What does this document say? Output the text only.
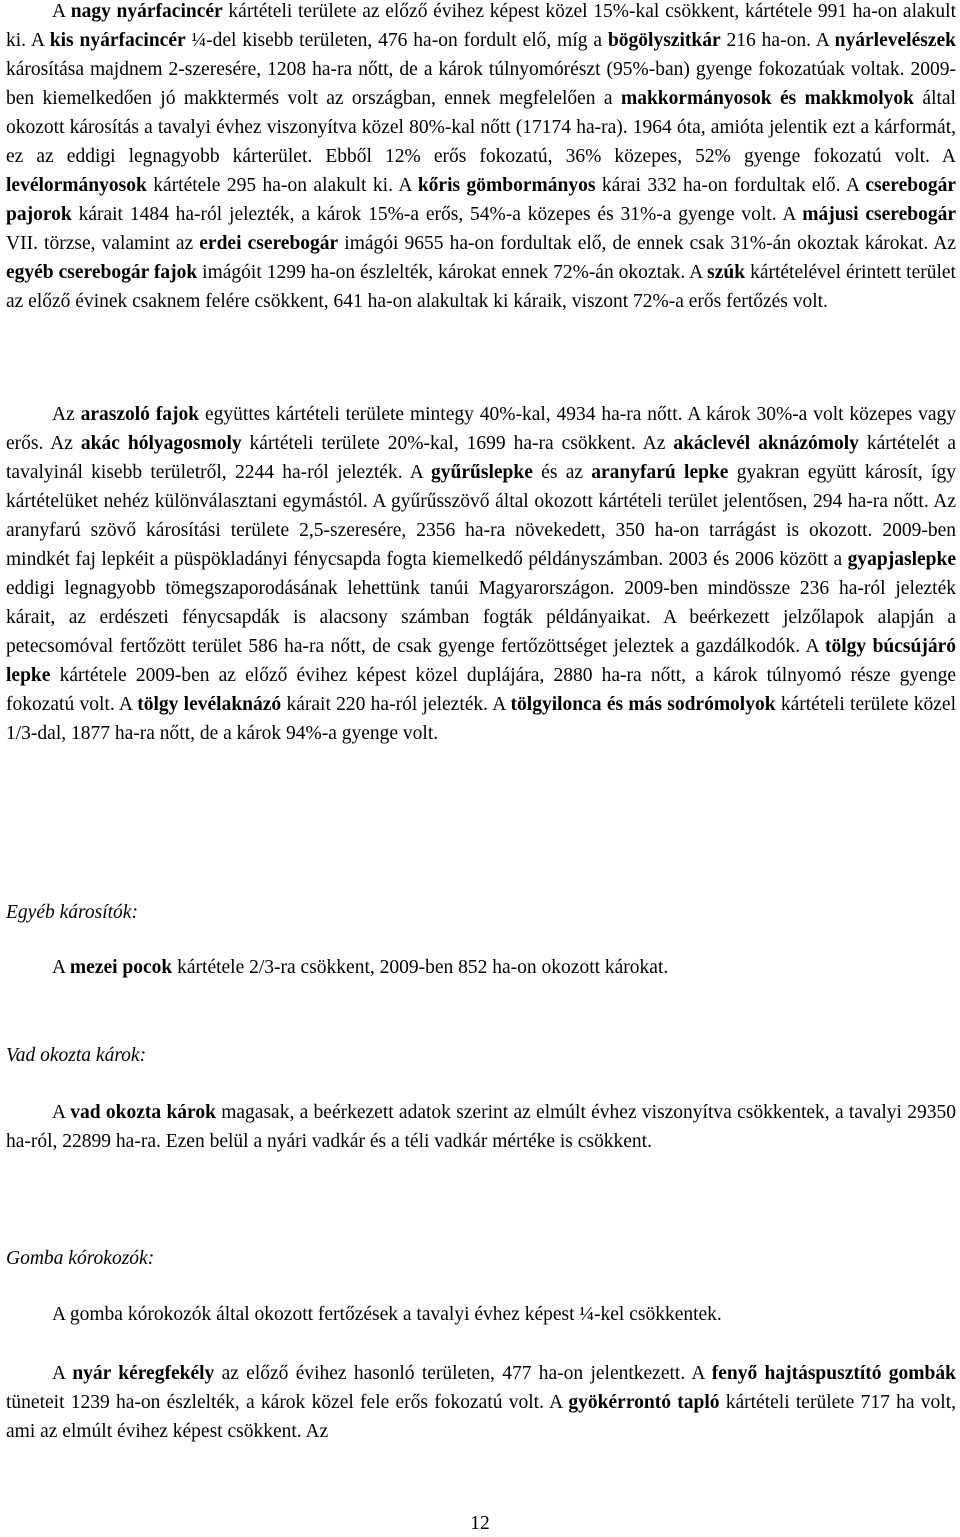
A nagy nyárfacincér kártételi területe az előző évihez képest közel 15%-kal csökkent, kártétele 991 ha-on alakult ki. A kis nyárfacincér ¼-del kisebb területen, 476 ha-on fordult elő, míg a bögölyszitkár 216 ha-on. A nyárlevelészek károsítása majdnem 2-szeresére, 1208 ha-ra nőtt, de a károk túlnyomórészt (95%-ban) gyenge fokozatúak voltak. 2009-ben kiemelkedően jó makktermés volt az országban, ennek megfelelően a makkormányosok és makkmolyok által okozott károsítás a tavalyi évhez viszonyítva közel 80%-kal nőtt (17174 ha-ra). 1964 óta, amióta jelentik ezt a kárformát, ez az eddigi legnagyobb kárterület. Ebből 12% erős fokozatú, 36% közepes, 52% gyenge fokozatú volt. A levélormányosok kártétele 295 ha-on alakult ki. A kőris gömbormányos kárai 332 ha-on fordultak elő. A cserebogár pajorok kárait 1484 ha-ról jelezték, a károk 15%-a erős, 54%-a közepes és 31%-a gyenge volt. A májusi cserebogár VII. törzse, valamint az erdei cserebogár imágói 9655 ha-on fordultak elő, de ennek csak 31%-án okoztak károkat. Az egyéb cserebogár fajok imágóit 1299 ha-on észlelték, károkat ennek 72%-án okoztak. A szúk kártételével érintett terület az előző évinek csaknem felére csökkent, 641 ha-on alakultak ki káraik, viszont 72%-a erős fertőzés volt.

Az araszoló fajok együttes kártételi területe mintegy 40%-kal, 4934 ha-ra nőtt. A károk 30%-a volt közepes vagy erős. Az akác hólyagosmoly kártételi területe 20%-kal, 1699 ha-ra csökkent. Az akáclevél aknázómoly kártételét a tavalyinál kisebb területről, 2244 ha-ról jelezték. A gyűrűslepke és az aranyfarú lepke gyakran együtt károsít, így kártételüket nehéz különválasztani egymástól. A gyűrűsszövő által okozott kártételi terület jelentősen, 294 ha-ra nőtt. Az aranyfarú szövő károsítási területe 2,5-szeresére, 2356 ha-ra növekedett, 350 ha-on tarrágást is okozott. 2009-ben mindkét faj lepkéit a püspökladányi fénycsapda fogta kiemelkedő példányszámban. 2003 és 2006 között a gyapjaslepke eddigi legnagyobb tömegszaporodásának lehettünk tanúi Magyarországon. 2009-ben mindössze 236 ha-ról jelezték kárait, az erdészeti fénycsapdák is alacsony számban fogták példányaikat. A beérkezett jelzőlapok alapján a petecsomóval fertőzött terület 586 ha-ra nőtt, de csak gyenge fertőzöttséget jeleztek a gazdálkodók. A tölgy búcsújáró lepke kártétele 2009-ben az előző évihez képest közel duplájára, 2880 ha-ra nőtt, a károk túlnyomó része gyenge fokozatú volt. A tölgy levélaknázó kárait 220 ha-ról jelezték. A tölgyilonca és más sodrómolyok kártételi területe közel 1/3-dal, 1877 ha-ra nőtt, de a károk 94%-a gyenge volt.

Egyéb károsítók:

A mezei pocok kártétele 2/3-ra csökkent, 2009-ben 852 ha-on okozott károkat.

Vad okozta károk:

A vad okozta károk magasak, a beérkezett adatok szerint az elmúlt évhez viszonyítva csökkentek, a tavalyi 29350 ha-ról, 22899 ha-ra. Ezen belül a nyári vadkár és a téli vadkár mértéke is csökkent.

Gomba kórokozók:

A gomba kórokozók által okozott fertőzések a tavalyi évhez képest ¼-kel csökkentek.

A nyár kéregfekély az előző évihez hasonló területen, 477 ha-on jelentkezett. A fenyő hajtáspusztító gombák tüneteit 1239 ha-on észlelték, a károk közel fele erős fokozatú volt. A gyökérrontó tapló kártételi területe 717 ha volt, ami az elmúlt évihez képest csökkent. Az

12
